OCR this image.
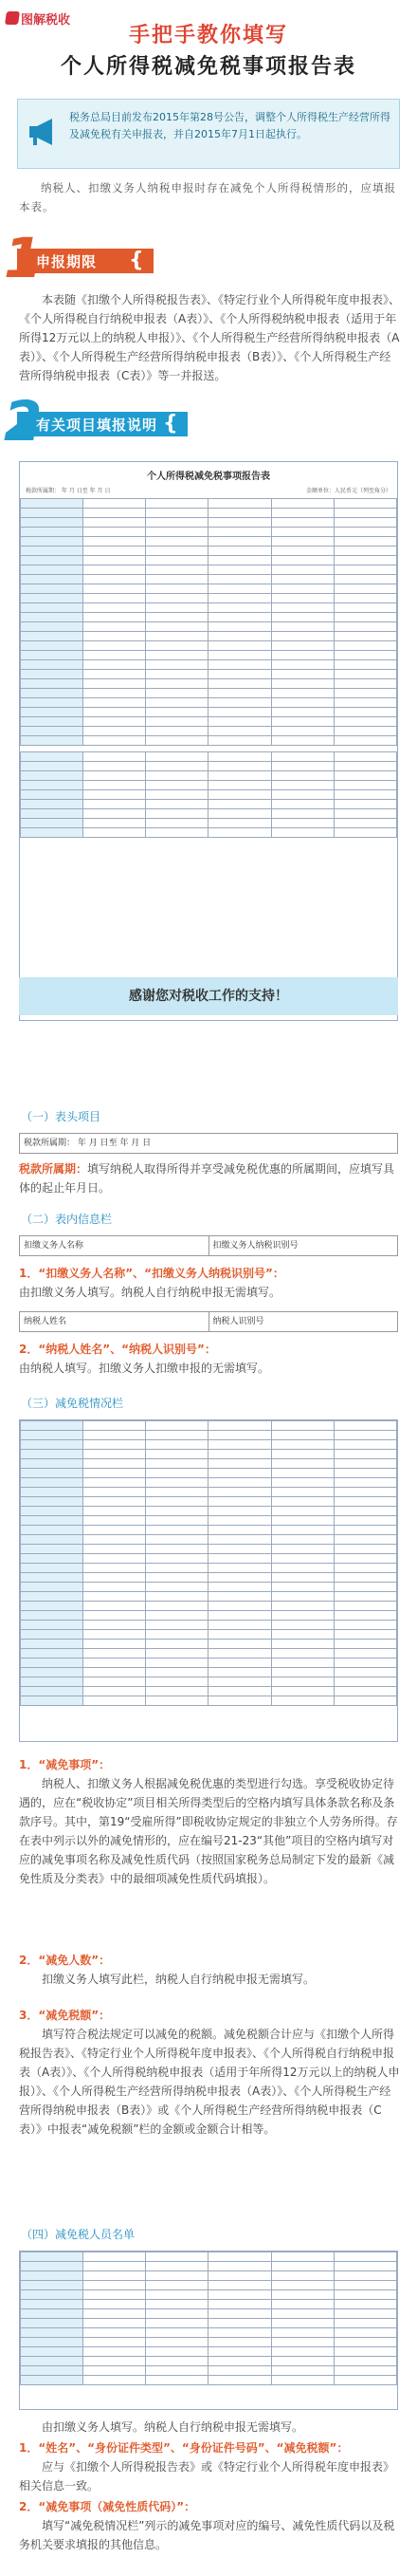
图解税收
手把手教你填写
个人所得税减免税事项报告表
税务总局目前发布2015年第28号公告，调整个人所得税生产经营所得及减免税有关申报表，并自2015年7月1日起执行。
纳税人、扣缴义务人纳税申报时存在减免个人所得税情形的，应填报本表。
1
申报期限 {
本表随《扣缴个人所得税报告表》、《特定行业个人所得税年度申报表》、《个人所得税自行纳税申报表（A表）》、《个人所得税纳税申报表（适用于年所得12万元以上的纳税人申报）》、《个人所得税生产经营所得纳税申报表（A表）》、《个人所得税生产经营所得纳税申报表（B表）》、《个人所得税生产经营所得纳税申报表（C表）》等一并报送。
2
有关项目填报说明 {
个人所得税减免税事项报告表
税款所属期： 年 月 日至 年 月 日	金额单位：人民币元（列至角分）

感谢您对税收工作的支持！
（一）表头项目
税款所属期： 年 月 日至 年 月 日
税款所属期：填写纳税人取得所得并享受减免税优惠的所属期间，应填写具体的起止年月日。
（二）表内信息栏
扣缴义务人名称	扣缴义务人纳税识别号
1．“扣缴义务人名称”、“扣缴义务人纳税识别号”：
由扣缴义务人填写。纳税人自行纳税申报无需填写。
纳税人姓名	纳税人识别号
2．“纳税人姓名”、“纳税人识别号”：
由纳税人填写。扣缴义务人扣缴申报的无需填写。
（三）减免税情况栏

1．“减免事项”：
纳税人、扣缴义务人根据减免税优惠的类型进行勾选。享受税收协定待遇的，应在“税收协定”项目相关所得类型后的空格内填写具体条款名称及条款序号。其中，第19“受雇所得”即税收协定规定的非独立个人劳务所得。存在表中列示以外的减免情形的，应在编号21-23“其他”项目的空格内填写对应的减免事项名称及减免性质代码（按照国家税务总局制定下发的最新《减免性质及分类表》中的最细项减免性质代码填报）。
2．“减免人数”：
扣缴义务人填写此栏，纳税人自行纳税申报无需填写。
3．“减免税额”：
填写符合税法规定可以减免的税额。减免税额合计应与《扣缴个人所得税报告表》、《特定行业个人所得税年度申报表》、《个人所得税自行纳税申报表（A表）》、《个人所得税纳税申报表（适用于年所得12万元以上的纳税人申报）》、《个人所得税生产经营所得纳税申报表（A表）》、《个人所得税生产经营所得纳税申报表（B表）》或《个人所得税生产经营所得纳税申报表（C表）》中报表“减免税额”栏的金额或金额合计相等。
（四）减免税人员名单

由扣缴义务人填写。纳税人自行纳税申报无需填写。
1．“姓名”、“身份证件类型”、“身份证件号码”、“减免税额”：
应与《扣缴个人所得税报告表》或《特定行业个人所得税年度申报表》相关信息一致。
2．“减免事项（减免性质代码）”：
填写“减免税情况栏”列示的减免事项对应的编号、减免性质代码以及税务机关要求填报的其他信息。
